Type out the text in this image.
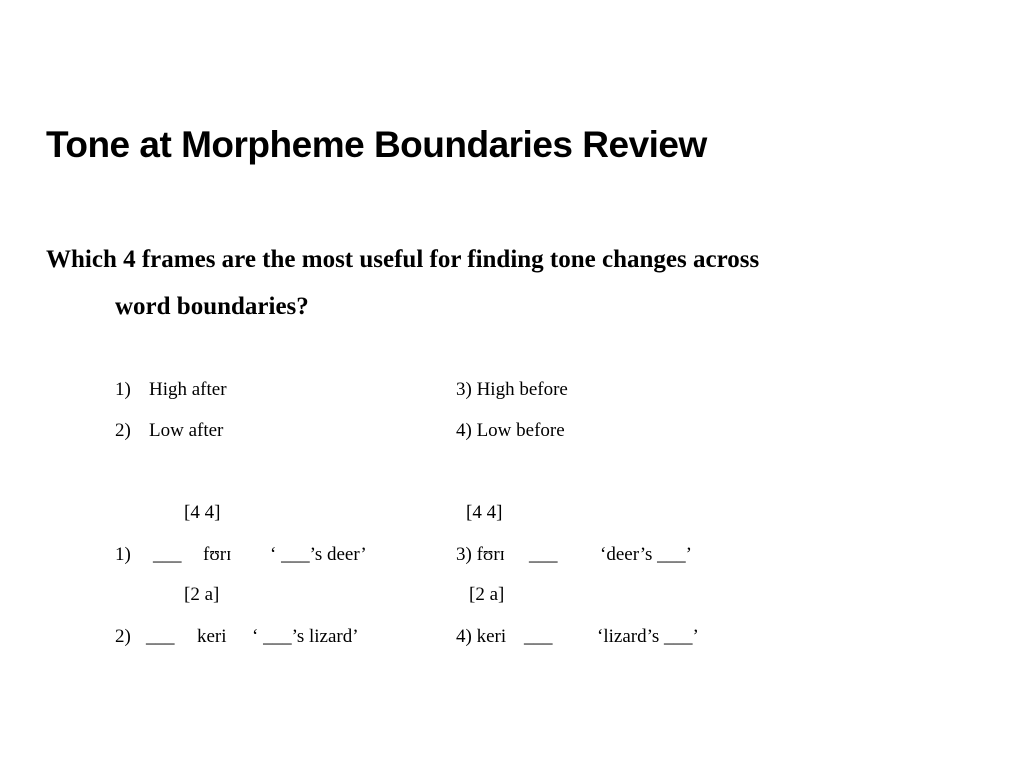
Tone at Morpheme Boundaries Review
Which 4 frames are the most useful for finding tone changes across
word boundaries?
1) High after	3) High before
2) Low after	4) Low before
[4 4]	[4 4]
1) ___ fʊrɪ ‘ ___’s deer’	3) fʊrɪ ___ ‘deer’s ___’
[2 a]	[2 a]
2) ___ keri ‘ ___’s lizard’	4) keri ___ ‘lizard’s ___’
